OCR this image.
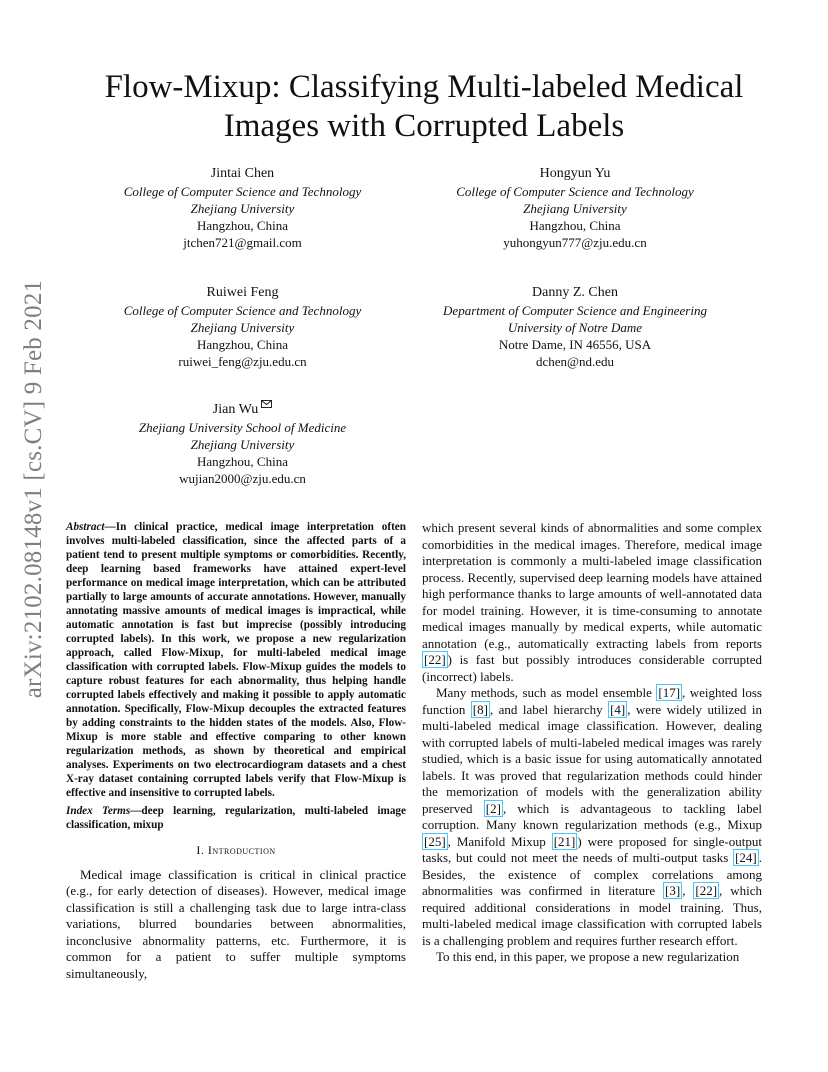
arXiv:2102.08148v1 [cs.CV] 9 Feb 2021
Flow-Mixup: Classifying Multi-labeled Medical Images with Corrupted Labels
Jintai Chen
College of Computer Science and Technology
Zhejiang University
Hangzhou, China
jtchen721@gmail.com
Hongyun Yu
College of Computer Science and Technology
Zhejiang University
Hangzhou, China
yuhongyun777@zju.edu.cn
Ruiwei Feng
College of Computer Science and Technology
Zhejiang University
Hangzhou, China
ruiwei_feng@zju.edu.cn
Danny Z. Chen
Department of Computer Science and Engineering
University of Notre Dame
Notre Dame, IN 46556, USA
dchen@nd.edu
Jian Wu
Zhejiang University School of Medicine
Zhejiang University
Hangzhou, China
wujian2000@zju.edu.cn

Abstract—In clinical practice, medical image interpretation often involves multi-labeled classification, since the affected parts of a patient tend to present multiple symptoms or comorbidities. Recently, deep learning based frameworks have attained expert-level performance on medical image interpretation, which can be attributed partially to large amounts of accurate annotations. However, manually annotating massive amounts of medical images is impractical, while automatic annotation is fast but imprecise (possibly introducing corrupted labels). In this work, we propose a new regularization approach, called Flow-Mixup, for multi-labeled medical image classification with corrupted labels. Flow-Mixup guides the models to capture robust features for each abnormality, thus helping handle corrupted labels effectively and making it possible to apply automatic annotation. Specifically, Flow-Mixup decouples the extracted features by adding constraints to the hidden states of the models. Also, Flow-Mixup is more stable and effective comparing to other known regularization methods, as shown by theoretical and empirical analyses. Experiments on two electrocardiogram datasets and a chest X-ray dataset containing corrupted labels verify that Flow-Mixup is effective and insensitive to corrupted labels.

Index Terms—deep learning, regularization, multi-labeled image classification, mixup

I. Introduction

Medical image classification is critical in clinical practice (e.g., for early detection of diseases). However, medical image classification is still a challenging task due to large intra-class variations, blurred boundaries between abnormalities, inconclusive abnormality patterns, etc. Furthermore, it is common for a patient to suffer multiple symptoms simultaneously,

which present several kinds of abnormalities and some complex comorbidities in the medical images. Therefore, medical image interpretation is commonly a multi-labeled image classification process. Recently, supervised deep learning models have attained high performance thanks to large amounts of well-annotated data for model training. However, it is time-consuming to annotate medical images manually by medical experts, while automatic annotation (e.g., automatically extracting labels from reports [22] ) is fast but possibly introduces considerable corrupted (incorrect) labels.

Many methods, such as model ensemble [17] , weighted loss function [8] , and label hierarchy [4] , were widely utilized in multi-labeled medical image classification. However, dealing with corrupted labels of multi-labeled medical images was rarely studied, which is a basic issue for using automatically annotated labels. It was proved that regularization methods could hinder the memorization of models with the generalization ability preserved [2] , which is advantageous to tackling label corruption. Many known regularization methods (e.g., Mixup [25] , Manifold Mixup [21] ) were proposed for single-output tasks, but could not meet the needs of multi-output tasks [24] . Besides, the existence of complex correlations among abnormalities was confirmed in literature [3] , [22] , which required additional considerations in model training. Thus, multi-labeled medical image classification with corrupted labels is a challenging problem and requires further research effort.

To this end, in this paper, we propose a new regularization
